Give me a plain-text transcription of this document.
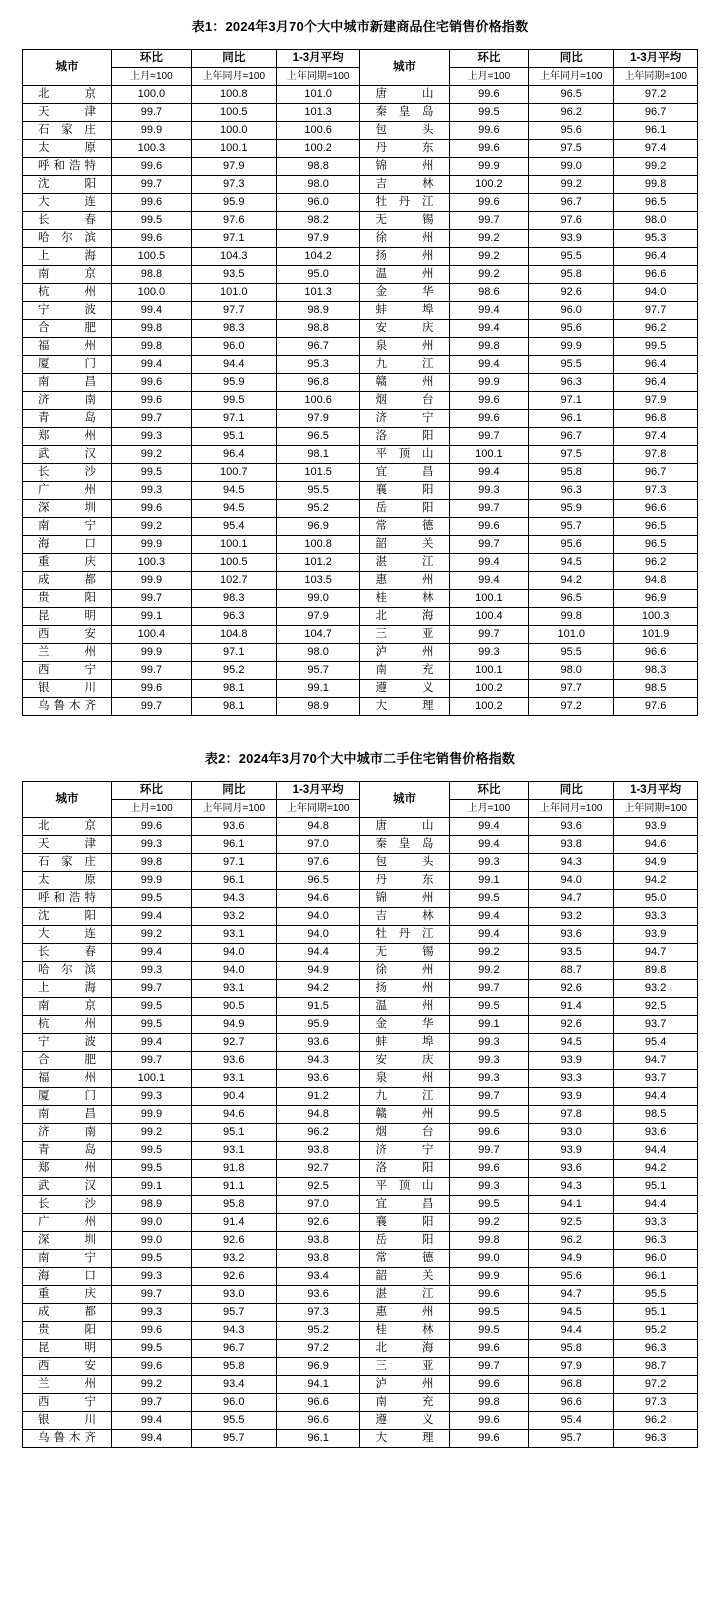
表1：2024年3月70个大中城市新建商品住宅销售价格指数
城市	环比	同比	1-3月平均	城市	环比	同比	1-3月平均
	上月=100	上年同月=100	上年同期=100		上月=100	上年同月=100	上年同期=100
北京	100.0	100.8	101.0	唐山	99.6	96.5	97.2
天津	99.7	100.5	101.3	秦皇岛	99.5	96.2	96.7
石家庄	99.9	100.0	100.6	包头	99.6	95.6	96.1
太原	100.3	100.1	100.2	丹东	99.6	97.5	97.4
呼和浩特	99.6	97.9	98.8	锦州	99.9	99.0	99.2
沈阳	99.7	97.3	98.0	吉林	100.2	99.2	99.8
大连	99.6	95.9	96.0	牡丹江	99.6	96.7	96.5
长春	99.5	97.6	98.2	无锡	99.7	97.6	98.0
哈尔滨	99.6	97.1	97.9	徐州	99.2	93.9	95.3
上海	100.5	104.3	104.2	扬州	99.2	95.5	96.4
南京	98.8	93.5	95.0	温州	99.2	95.8	96.6
杭州	100.0	101.0	101.3	金华	98.6	92.6	94.0
宁波	99.4	97.7	98.9	蚌埠	99.4	96.0	97.7
合肥	99.8	98.3	98.8	安庆	99.4	95.6	96.2
福州	99.8	96.0	96.7	泉州	99.8	99.9	99.5
厦门	99.4	94.4	95.3	九江	99.4	95.5	96.4
南昌	99.6	95.9	96.8	赣州	99.9	96.3	96.4
济南	99.6	99.5	100.6	烟台	99.6	97.1	97.9
青岛	99.7	97.1	97.9	济宁	99.6	96.1	96.8
郑州	99.3	95.1	96.5	洛阳	99.7	96.7	97.4
武汉	99.2	96.4	98.1	平顶山	100.1	97.5	97.8
长沙	99.5	100.7	101.5	宜昌	99.4	95.8	96.7
广州	99.3	94.5	95.5	襄阳	99.3	96.3	97.3
深圳	99.6	94.5	95.2	岳阳	99.7	95.9	96.6
南宁	99.2	95.4	96.9	常德	99.6	95.7	96.5
海口	99.9	100.1	100.8	韶关	99.7	95.6	96.5
重庆	100.3	100.5	101.2	湛江	99.4	94.5	96.2
成都	99.9	102.7	103.5	惠州	99.4	94.2	94.8
贵阳	99.7	98.3	99.0	桂林	100.1	96.5	96.9
昆明	99.1	96.3	97.9	北海	100.4	99.8	100.3
西安	100.4	104.8	104.7	三亚	99.7	101.0	101.9
兰州	99.9	97.1	98.0	泸州	99.3	95.5	96.6
西宁	99.7	95.2	95.7	南充	100.1	98.0	98.3
银川	99.6	98.1	99.1	遵义	100.2	97.7	98.5
乌鲁木齐	99.7	98.1	98.9	大理	100.2	97.2	97.6
表2：2024年3月70个大中城市二手住宅销售价格指数
城市	环比	同比	1-3月平均	城市	环比	同比	1-3月平均
	上月=100	上年同月=100	上年同期=100		上月=100	上年同月=100	上年同期=100
北京	99.6	93.6	94.8	唐山	99.4	93.6	93.9
天津	99.3	96.1	97.0	秦皇岛	99.4	93.8	94.6
石家庄	99.8	97.1	97.6	包头	99.3	94.3	94.9
太原	99.9	96.1	96.5	丹东	99.1	94.0	94.2
呼和浩特	99.5	94.3	94.6	锦州	99.5	94.7	95.0
沈阳	99.4	93.2	94.0	吉林	99.4	93.2	93.3
大连	99.2	93.1	94.0	牡丹江	99.4	93.6	93.9
长春	99.4	94.0	94.4	无锡	99.2	93.5	94.7
哈尔滨	99.3	94.0	94.9	徐州	99.2	88.7	89.8
上海	99.7	93.1	94.2	扬州	99.7	92.6	93.2
南京	99.5	90.5	91.5	温州	99.5	91.4	92.5
杭州	99.5	94.9	95.9	金华	99.1	92.6	93.7
宁波	99.4	92.7	93.6	蚌埠	99.3	94.5	95.4
合肥	99.7	93.6	94.3	安庆	99.3	93.9	94.7
福州	100.1	93.1	93.6	泉州	99.3	93.3	93.7
厦门	99.3	90.4	91.2	九江	99.7	93.9	94.4
南昌	99.9	94.6	94.8	赣州	99.5	97.8	98.5
济南	99.2	95.1	96.2	烟台	99.6	93.0	93.6
青岛	99.5	93.1	93.8	济宁	99.7	93.9	94.4
郑州	99.5	91.8	92.7	洛阳	99.6	93.6	94.2
武汉	99.1	91.1	92.5	平顶山	99.3	94.3	95.1
长沙	98.9	95.8	97.0	宜昌	99.5	94.1	94.4
广州	99.0	91.4	92.6	襄阳	99.2	92.5	93.3
深圳	99.0	92.6	93.8	岳阳	99.8	96.2	96.3
南宁	99.5	93.2	93.8	常德	99.0	94.9	96.0
海口	99.3	92.6	93.4	韶关	99.9	95.6	96.1
重庆	99.7	93.0	93.6	湛江	99.6	94.7	95.5
成都	99.3	95.7	97.3	惠州	99.5	94.5	95.1
贵阳	99.6	94.3	95.2	桂林	99.5	94.4	95.2
昆明	99.5	96.7	97.2	北海	99.6	95.8	96.3
西安	99.6	95.8	96.9	三亚	99.7	97.9	98.7
兰州	99.2	93.4	94.1	泸州	99.6	96.8	97.2
西宁	99.7	96.0	96.6	南充	99.8	96.6	97.3
银川	99.4	95.5	96.6	遵义	99.6	95.4	96.2
乌鲁木齐	99.4	95.7	96.1	大理	99.6	95.7	96.3
